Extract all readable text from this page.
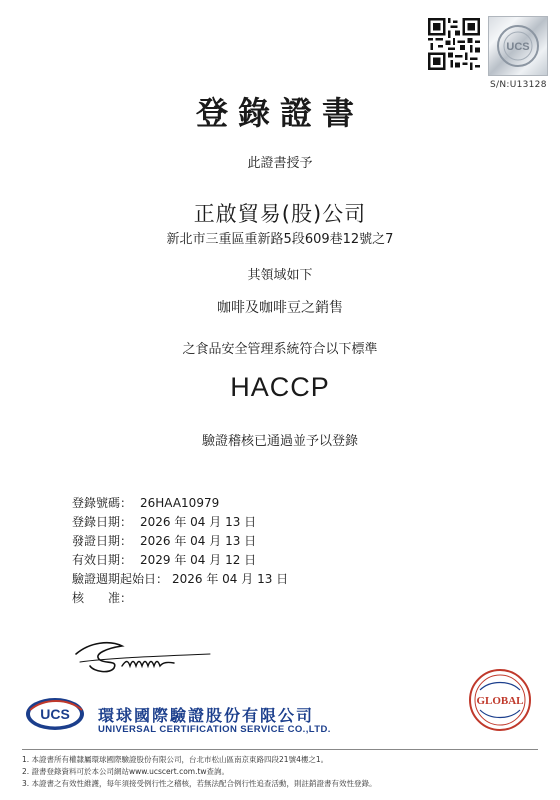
UCS
S/N:U13128
登錄證書
此證書授予
正啟貿易(股)公司
新北市三重區重新路5段609巷12號之7
其領域如下
咖啡及咖啡豆之銷售
之食品安全管理系統符合以下標準
HACCP
驗證稽核已通過並予以登錄
登錄號碼： 26HAA10979
登錄日期： 2026 年 04 月 13 日
發證日期： 2026 年 04 月 13 日
有效日期： 2029 年 04 月 12 日
驗證週期起始日： 2026 年 04 月 13 日
核　　准：
UCS 環球國際驗證股份有限公司
UNIVERSAL CERTIFICATION SERVICE CO.,LTD.
GLOBAL
1. 本證書所有權隸屬環球國際驗證股份有限公司，台北市松山區南京東路四段21號4樓之1。
2. 證書登錄資料可於本公司網站www.ucscert.com.tw查詢。
3. 本證書之有效性維護，每年須接受例行性之稽核，若無法配合例行性追查活動，則註銷證書有效性登錄。
